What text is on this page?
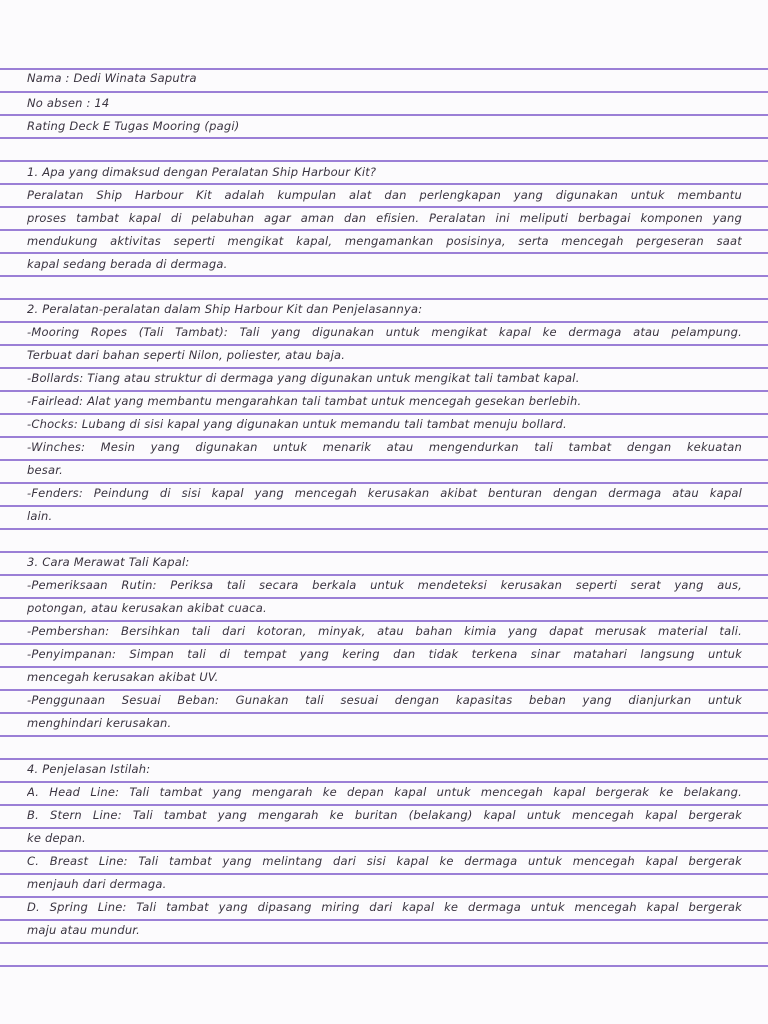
Nama : Dedi Winata Saputra
No absen : 14
Rating Deck E Tugas Mooring (pagi)
1. Apa yang dimaksud dengan Peralatan Ship Harbour Kit?
Peralatan Ship Harbour Kit adalah kumpulan alat dan perlengkapan yang digunakan untuk membantu
proses tambat kapal di pelabuhan agar aman dan efisien. Peralatan ini meliputi berbagai komponen yang
mendukung aktivitas seperti mengikat kapal, mengamankan posisinya, serta mencegah pergeseran saat
kapal sedang berada di dermaga.
2. Peralatan-peralatan dalam Ship Harbour Kit dan Penjelasannya:
-Mooring Ropes (Tali Tambat): Tali yang digunakan untuk mengikat kapal ke dermaga atau pelampung.
Terbuat dari bahan seperti Nilon, poliester, atau baja.
-Bollards: Tiang atau struktur di dermaga yang digunakan untuk mengikat tali tambat kapal.
-Fairlead: Alat yang membantu mengarahkan tali tambat untuk mencegah gesekan berlebih.
-Chocks: Lubang di sisi kapal yang digunakan untuk memandu tali tambat menuju bollard.
-Winches: Mesin yang digunakan untuk menarik atau mengendurkan tali tambat dengan kekuatan
besar.
-Fenders: Peindung di sisi kapal yang mencegah kerusakan akibat benturan dengan dermaga atau kapal
lain.
3. Cara Merawat Tali Kapal:
-Pemeriksaan Rutin: Periksa tali secara berkala untuk mendeteksi kerusakan seperti serat yang aus,
potongan, atau kerusakan akibat cuaca.
-Pembershan: Bersihkan tali dari kotoran, minyak, atau bahan kimia yang dapat merusak material tali.
-Penyimpanan: Simpan tali di tempat yang kering dan tidak terkena sinar matahari langsung untuk
mencegah kerusakan akibat UV.
-Penggunaan Sesuai Beban: Gunakan tali sesuai dengan kapasitas beban yang dianjurkan untuk
menghindari kerusakan.
4. Penjelasan Istilah:
A. Head Line: Tali tambat yang mengarah ke depan kapal untuk mencegah kapal bergerak ke belakang.
B. Stern Line: Tali tambat yang mengarah ke buritan (belakang) kapal untuk mencegah kapal bergerak
ke depan.
C. Breast Line: Tali tambat yang melintang dari sisi kapal ke dermaga untuk mencegah kapal bergerak
menjauh dari dermaga.
D. Spring Line: Tali tambat yang dipasang miring dari kapal ke dermaga untuk mencegah kapal bergerak
maju atau mundur.
